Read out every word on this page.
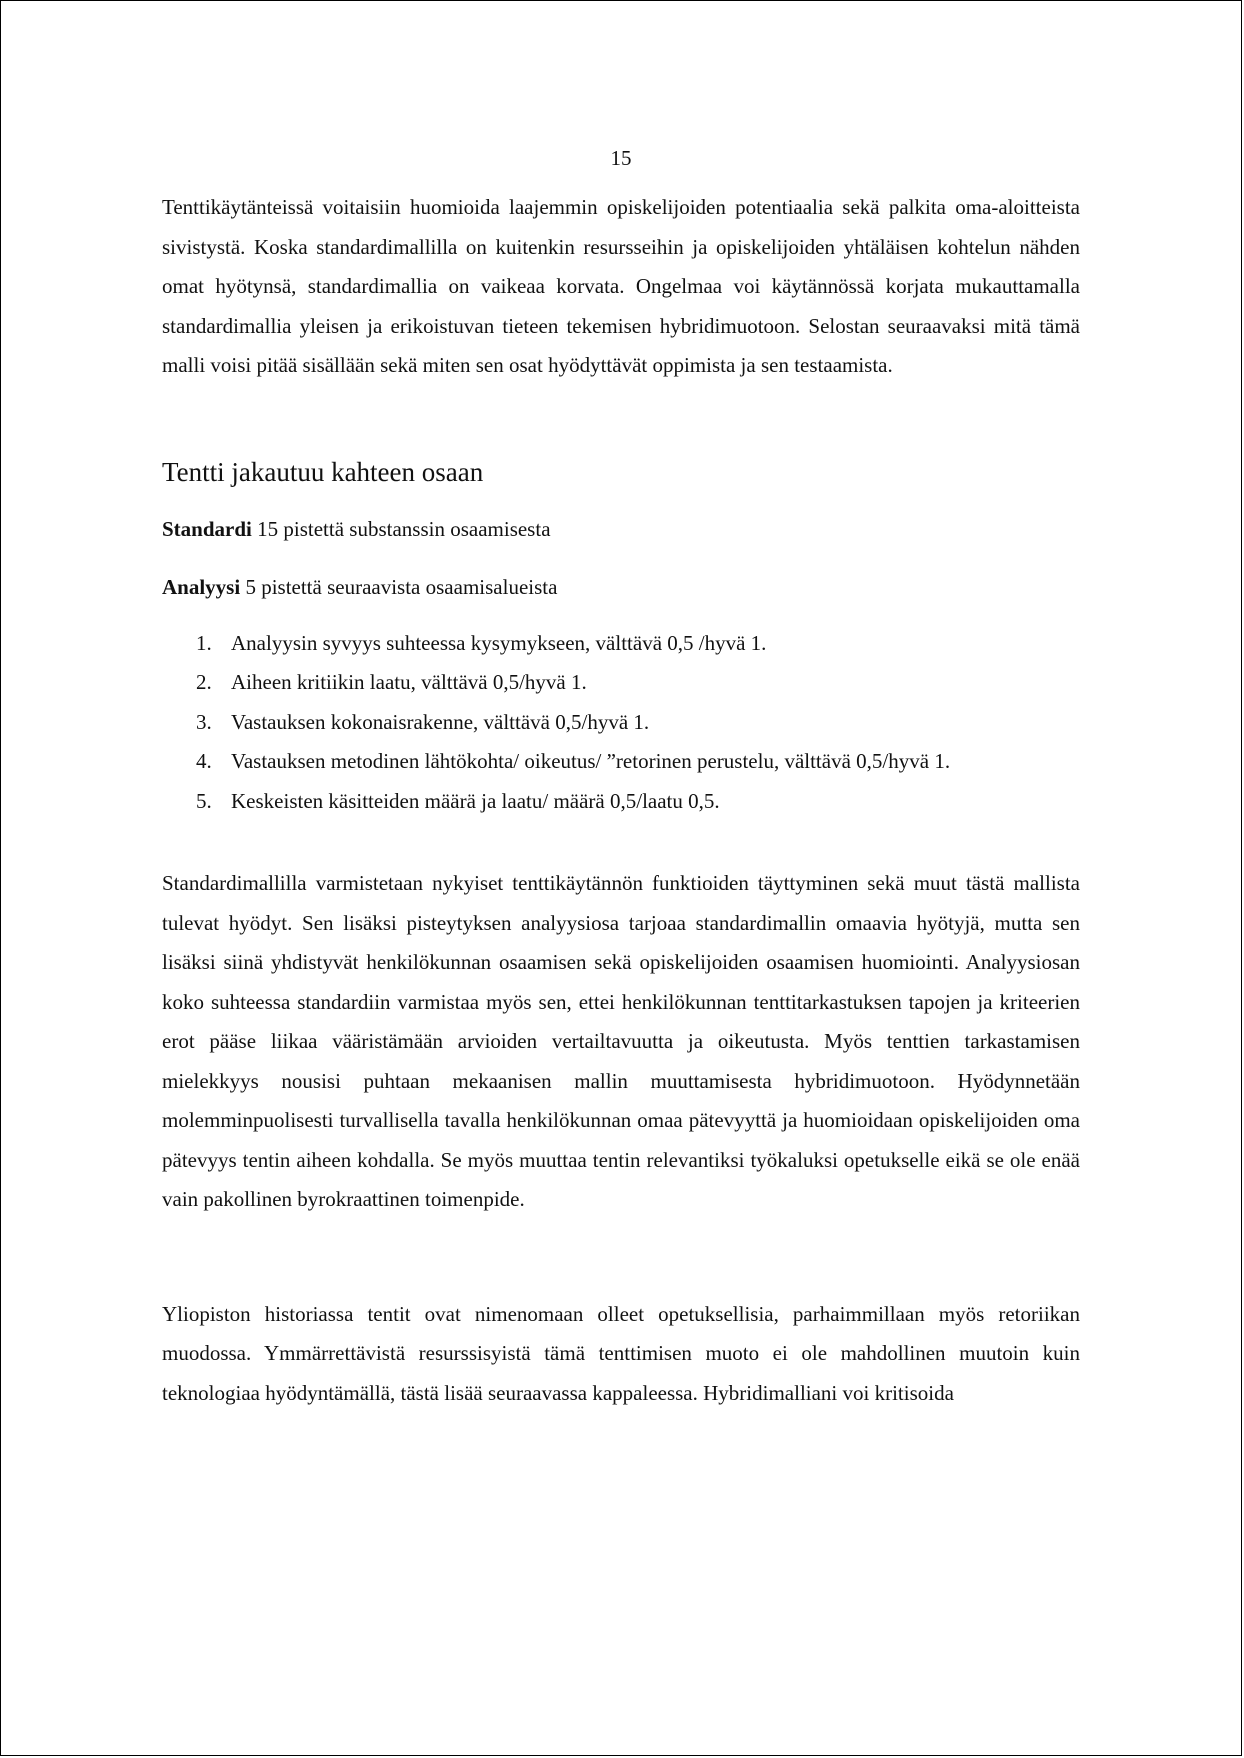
15

Tenttikäytänteissä voitaisiin huomioida laajemmin opiskelijoiden potentiaalia sekä palkita oma-aloitteista sivistystä. Koska standardimallilla on kuitenkin resursseihin ja opiskelijoiden yhtäläisen kohtelun nähden omat hyötynsä, standardimallia on vaikeaa korvata. Ongelmaa voi käytännössä korjata mukauttamalla standardimallia yleisen ja erikoistuvan tieteen tekemisen hybridimuotoon. Selostan seuraavaksi mitä tämä malli voisi pitää sisällään sekä miten sen osat hyödyttävät oppimista ja sen testaamista.

Tentti jakautuu kahteen osaan

Standardi 15 pistettä substanssin osaamisesta

Analyysi 5 pistettä seuraavista osaamisalueista

1. Analyysin syvyys suhteessa kysymykseen, välttävä 0,5 /hyvä 1.
2. Aiheen kritiikin laatu, välttävä 0,5/hyvä 1.
3. Vastauksen kokonaisrakenne, välttävä 0,5/hyvä 1.
4. Vastauksen metodinen lähtökohta/ oikeutus/ ”retorinen perustelu, välttävä 0,5/hyvä 1.
5. Keskeisten käsitteiden määrä ja laatu/ määrä 0,5/laatu 0,5.

Standardimallilla varmistetaan nykyiset tenttikäytännön funktioiden täyttyminen sekä muut tästä mallista tulevat hyödyt. Sen lisäksi pisteytyksen analyysiosa tarjoaa standardimallin omaavia hyötyjä, mutta sen lisäksi siinä yhdistyvät henkilökunnan osaamisen sekä opiskelijoiden osaamisen huomiointi. Analyysiosan koko suhteessa standardiin varmistaa myös sen, ettei henkilökunnan tenttitarkastuksen tapojen ja kriteerien erot pääse liikaa vääristämään arvioiden vertailtavuutta ja oikeutusta. Myös tenttien tarkastamisen mielekkyys nousisi puhtaan mekaanisen mallin muuttamisesta hybridimuotoon. Hyödynnetään molemminpuolisesti turvallisella tavalla henkilökunnan omaa pätevyyttä ja huomioidaan opiskelijoiden oma pätevyys tentin aiheen kohdalla. Se myös muuttaa tentin relevantiksi työkaluksi opetukselle eikä se ole enää vain pakollinen byrokraattinen toimenpide.

Yliopiston historiassa tentit ovat nimenomaan olleet opetuksellisia, parhaimmillaan myös retoriikan muodossa. Ymmärrettävistä resurssisyistä tämä tenttimisen muoto ei ole mahdollinen muutoin kuin teknologiaa hyödyntämällä, tästä lisää seuraavassa kappaleessa. Hybridimalliani voi kritisoida
